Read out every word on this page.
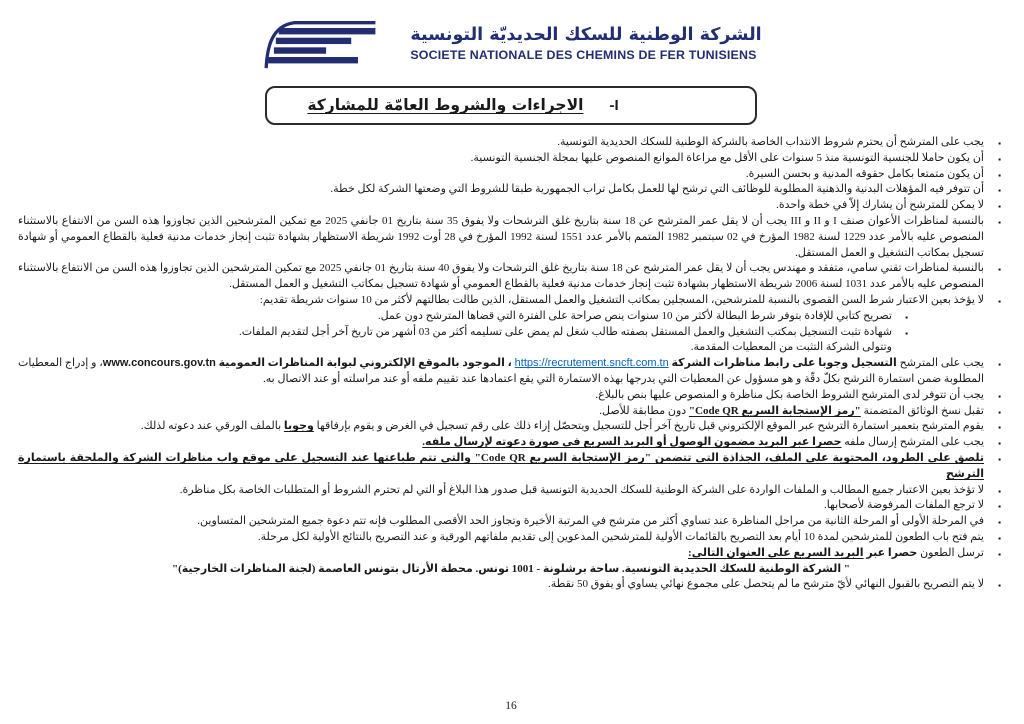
الشركة الوطنية للسكك الحديديّة التونسية
SOCIETE NATIONALE DES CHEMINS DE FER TUNISIENS
الاجراءات والشروط العامّة للمشاركة -I
▪
يجب على المترشح أن يحترم شروط الانتداب الخاصة بالشركة الوطنية للسكك الحديدية التونسية.
▪
أن يكون حاملا للجنسية التونسية منذ 5 سنوات على الأقل مع مراعاة الموانع المنصوص عليها بمجلة الجنسية التونسية.
▪
أن يكون متمتعا بكامل حقوقه المدنية و بحسن السيرة.
▪
أن تتوفر فيه المؤهلات البدنية والذهنية المطلوبة للوظائف التي ترشح لها للعمل بكامل تراب الجمهورية طبقا للشروط التي وضعتها الشركة لكل خطة.
▪
لا يمكن للمترشح أن يشارك إلاّ في خطة واحدة.
▪
بالنسبة لمناظرات الأعوان صنف I و II و III يجب أن لا يقل عمر المترشح عن 18 سنة بتاريخ غلق الترشحات ولا يفوق 35 سنة بتاريخ 01 جانفي 2025 مع تمكين المترشحين الذين تجاوزوا هذه السن من الانتفاع بالاستثناء المنصوص عليه بالأمر عدد 1229 لسنة 1982 المؤرخ في 02 سبتمبر 1982 المتمم بالأمر عدد 1551 لسنة 1992 المؤرخ في 28 أوت 1992 شريطة الاستظهار بشهادة تثبت إنجاز خدمات مدنية فعلية بالقطاع العمومي أو شهادة تسجيل بمكاتب التشغيل و العمل المستقل.
▪
بالنسبة لمناظرات تقني سامي، متفقد و مهندس يجب أن لا يقل عمر المترشح عن 18 سنة بتاريخ غلق الترشحات ولا يفوق 40 سنة بتاريخ 01 جانفي 2025 مع تمكين المترشحين الذين تجاوزوا هذه السن من الانتفاع بالاستثناء المنصوص عليه بالأمر عدد 1031 لسنة 2006 شريطة الاستظهار بشهادة تثبت إنجاز خدمات مدنية فعلية بالقطاع العمومي أو شهادة تسجيل بمكاتب التشغيل و العمل المستقل.
▪
لا يؤخذ بعين الاعتبار شرط السن القصوى بالنسبة للمترشحين، المسجلين بمكاتب التشغيل والعمل المستقل، الذين طالت بطالتهم لأكثر من 10 سنوات شريطة تقديم:
▪
تصريح كتابي للإفادة بتوفر شرط البطالة لأكثر من 10 سنوات ينص صراحة على الفترة التي قضاها المترشح دون عمل.
▪
شهادة تثبت التسجيل بمكتب التشغيل والعمل المستقل بصفته طالب شغل لم يمض على تسليمه أكثر من 03 أشهر من تاريخ آخر أجل لتقديم الملفات.
وتتولى الشركة التثبت من المعطيات المقدمة.
▪
يجب على المترشح التسجيل وجوبا على رابط مناظرات الشركة https://recrutement.sncft.com.tn ، الموجود بالموقع الإلكتروني لبوابة المناظرات العمومية www.concours.gov.tn، و إدراج المعطيات المطلوبة ضمن استمارة الترشح بكلّ دقّة و هو مسؤول عن المعطيات التي يدرجها بهذه الاستمارة التي يقع اعتمادها عند تقييم ملفه أو عند مراسلته أو عند الاتصال به.
▪
يجب أن تتوفر لدى المترشح الشروط الخاصة بكل مناظرة و المنصوص عليها بنص بالبلاغ.
▪
تقبل نسخ الوثائق المتضمنة "رمز الإستجابة السريع Code QR" دون مطابقة للأصل.
▪
يقوم المترشح بتعمير استمارة الترشح عبر الموقع الإلكتروني قبل تاريخ آخر أجل للتسجيل ويتحصّل إزاء ذلك على رقم تسجيل في الغرض و يقوم بإرفاقها وجوبا بالملف الورقي عند دعوته لذلك.
▪
يجب على المترشح إرسال ملفه حصرا عبر البريد مضمون الوصول أو البريد السريع في صورة دعوته لإرسال ملفه.
▪
تلصق على الطرود، المحتوية على الملف، الجذاذة التي تتضمن "رمز الإستجابة السريع Code QR" والتي تتم طباعتها عند التسجيل على موقع واب مناظرات الشركة والملحقة باستمارة الترشح
▪
لا تؤخذ بعين الاعتبار جميع المطالب و الملفات الواردة على الشركة الوطنية للسكك الحديدية التونسية قبل صدور هذا البلاغ أو التي لم تحترم الشروط أو المتطلبات الخاصة بكل مناظرة.
▪
لا ترجع الملفات المرفوضة لأصحابها.
▪
في المرحلة الأولى أو المرحلة الثانية من مراحل المناظرة عند تساوي أكثر من مترشح في المرتبة الأخيرة وتجاوز الحد الأقصى المطلوب فإنه تتم دعوة جميع المترشحين المتساوين.
▪
يتم فتح باب الطعون للمترشحين لمدة 10 أيام بعد التصريح بالقائمات الأولية للمترشحين المدعوين إلى تقديم ملفاتهم الورقية و عند التصريح بالنتائج الأولية لكل مرحلة.
▪
ترسل الطعون حصرا عبر البريد السريع على العنوان التالي:
" الشركة الوطنية للسكك الحديدية التونسية. ساحة برشلونة - 1001 تونس. محطة الأرتال بتونس العاصمة (لجنة المناظرات الخارجية)"
▪
لا يتم التصريح بالقبول النهائي لأيّ مترشح ما لم يتحصل على مجموع نهائي يساوي أو يفوق 50 نقطة.
16
